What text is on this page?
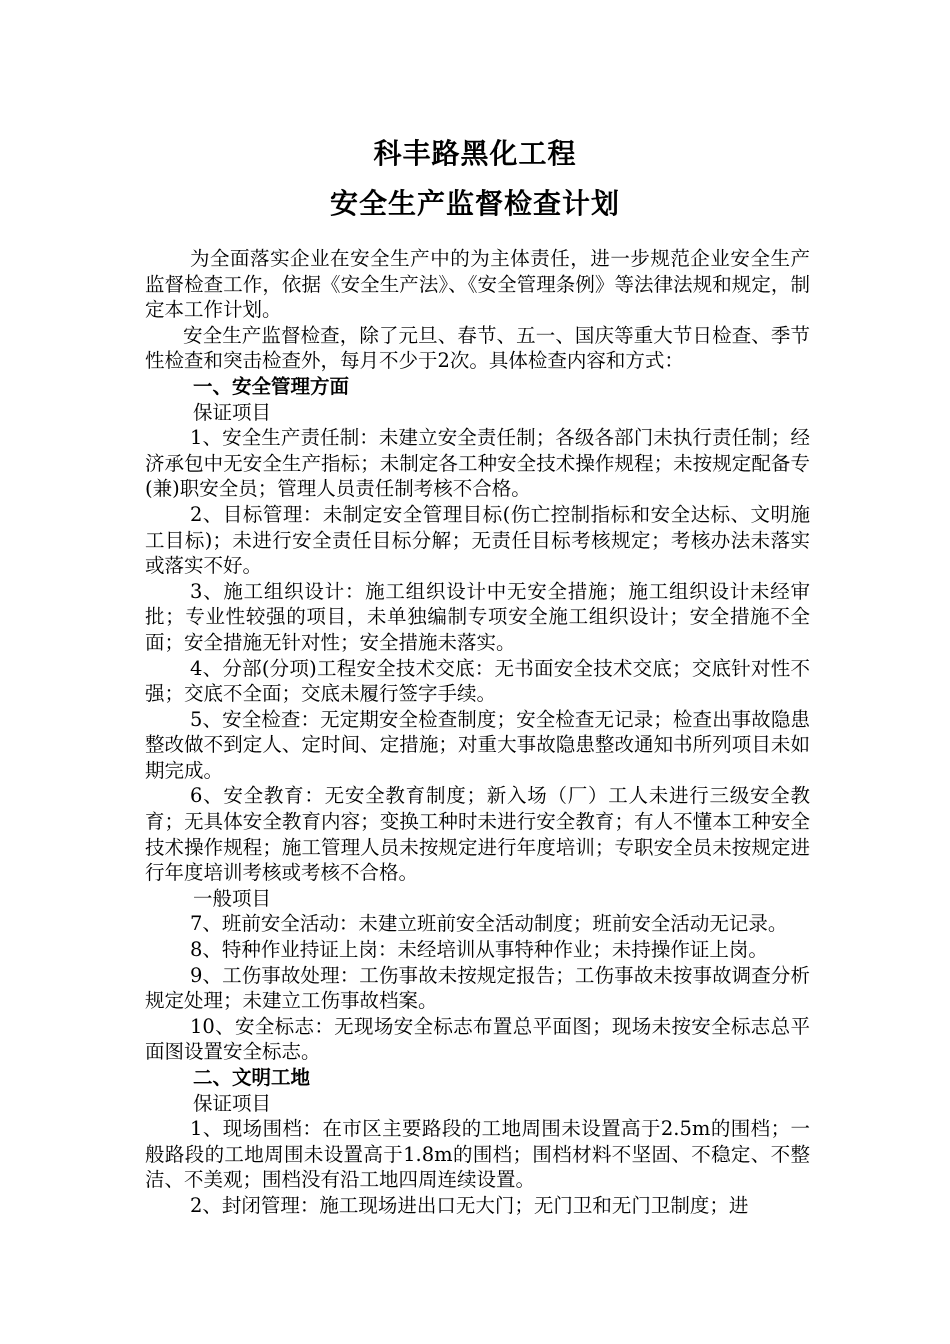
科丰路黑化工程
安全生产监督检查计划

为全面落实企业在安全生产中的为主体责任，进一步规范企业安全生产监督检查工作，依据《安全生产法》、《安全管理条例》等法律法规和规定，制定本工作计划。

安全生产监督检查，除了元旦、春节、五一、国庆等重大节日检查、季节性检查和突击检查外，每月不少于2次。具体检查内容和方式：

一、安全管理方面

保证项目

1、安全生产责任制：未建立安全责任制；各级各部门未执行责任制；经济承包中无安全生产指标；未制定各工种安全技术操作规程；未按规定配备专(兼)职安全员；管理人员责任制考核不合格。

2、目标管理：未制定安全管理目标(伤亡控制指标和安全达标、文明施工目标)；未进行安全责任目标分解；无责任目标考核规定；考核办法未落实或落实不好。

3、施工组织设计：施工组织设计中无安全措施；施工组织设计未经审批；专业性较强的项目，未单独编制专项安全施工组织设计；安全措施不全面；安全措施无针对性；安全措施未落实。

4、分部(分项)工程安全技术交底：无书面安全技术交底；交底针对性不强；交底不全面；交底未履行签字手续。

5、安全检查：无定期安全检查制度；安全检查无记录；检查出事故隐患整改做不到定人、定时间、定措施；对重大事故隐患整改通知书所列项目未如期完成。

6、安全教育：无安全教育制度；新入场（厂）工人未进行三级安全教育；无具体安全教育内容；变换工种时未进行安全教育；有人不懂本工种安全技术操作规程；施工管理人员未按规定进行年度培训；专职安全员未按规定进行年度培训考核或考核不合格。

一般项目

7、班前安全活动：未建立班前安全活动制度；班前安全活动无记录。

8、特种作业持证上岗：未经培训从事特种作业；未持操作证上岗。

9、工伤事故处理：工伤事故未按规定报告；工伤事故未按事故调查分析规定处理；未建立工伤事故档案。

10、安全标志：无现场安全标志布置总平面图；现场未按安全标志总平面图设置安全标志。

二、文明工地

保证项目

1、现场围档：在市区主要路段的工地周围未设置高于2.5m的围档；一般路段的工地周围未设置高于1.8m的围档；围档材料不坚固、不稳定、不整洁、不美观；围档没有沿工地四周连续设置。

2、封闭管理：施工现场进出口无大门；无门卫和无门卫制度；进
